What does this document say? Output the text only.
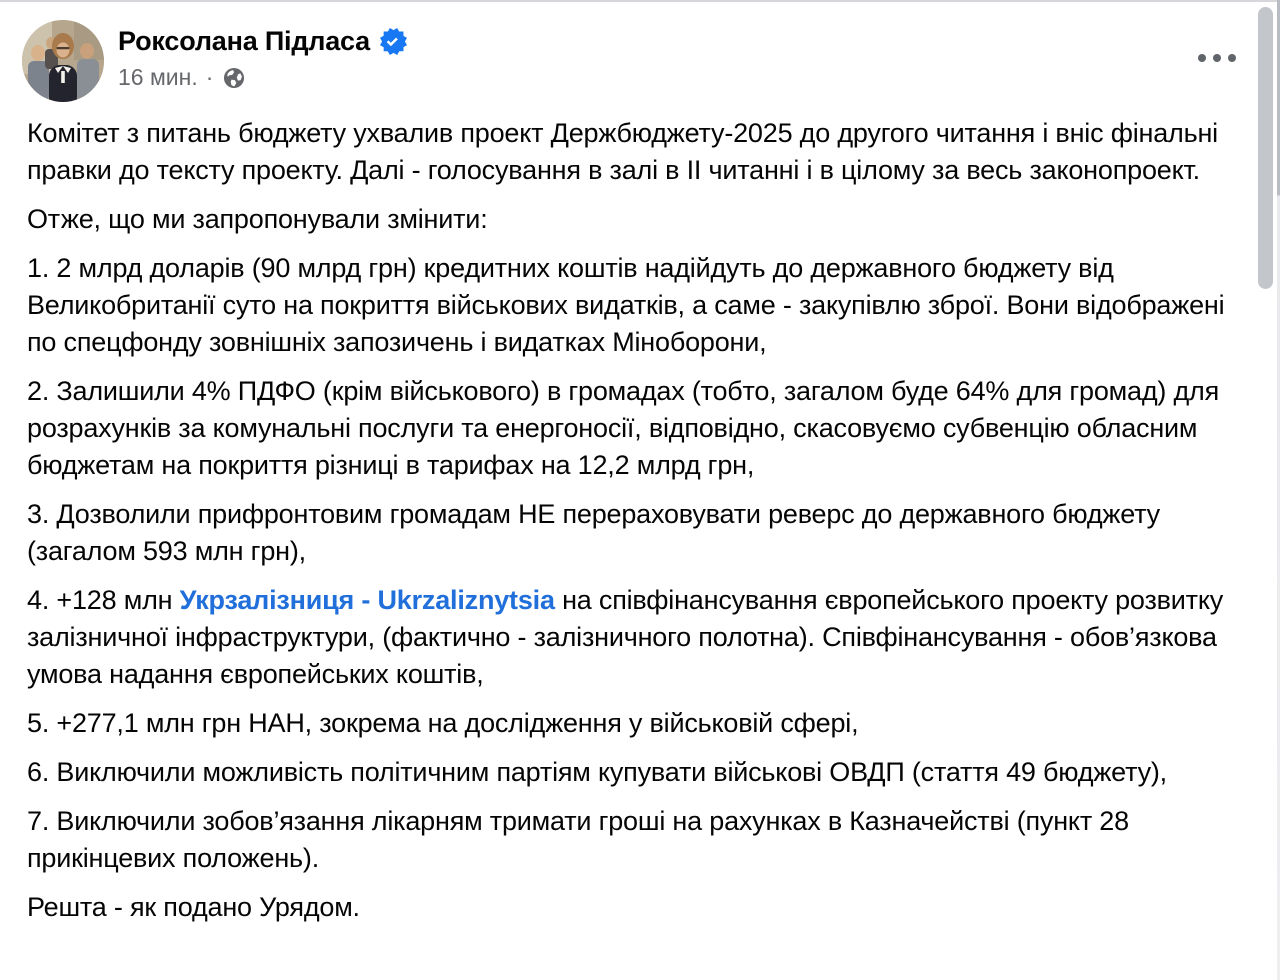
Роксолана Підласа
16 мин. ·

Комітет з питань бюджету ухвалив проект Держбюджету-2025 до другого читання і вніс фінальні правки до тексту проекту. Далі - голосування в залі в ІІ читанні і в цілому за весь законопроект.

Отже, що ми запропонували змінити:

1. 2 млрд доларів (90 млрд грн) кредитних коштів надійдуть до державного бюджету від Великобританії суто на покриття військових видатків, а саме - закупівлю зброї. Вони відображені по спецфонду зовнішніх запозичень і видатках Міноборони,

2. Залишили 4% ПДФО (крім військового) в громадах (тобто, загалом буде 64% для громад) для розрахунків за комунальні послуги та енергоносії, відповідно, скасовуємо субвенцію обласним бюджетам на покриття різниці в тарифах на 12,2 млрд грн,

3. Дозволили прифронтовим громадам НЕ перераховувати реверс до державного бюджету (загалом 593 млн грн),

4. +128 млн Укрзалізниця - Ukrzaliznytsia на співфінансування європейського проекту розвитку залізничної інфраструктури, (фактично - залізничного полотна). Співфінансування - обов’язкова умова надання європейських коштів,

5. +277,1 млн грн НАН, зокрема на дослідження у військовій сфері,

6. Виключили можливість політичним партіям купувати військові ОВДП (стаття 49 бюджету),

7. Виключили зобов’язання лікарням тримати гроші на рахунках в Казначействі (пункт 28 прикінцевих положень).

Решта - як подано Урядом.
